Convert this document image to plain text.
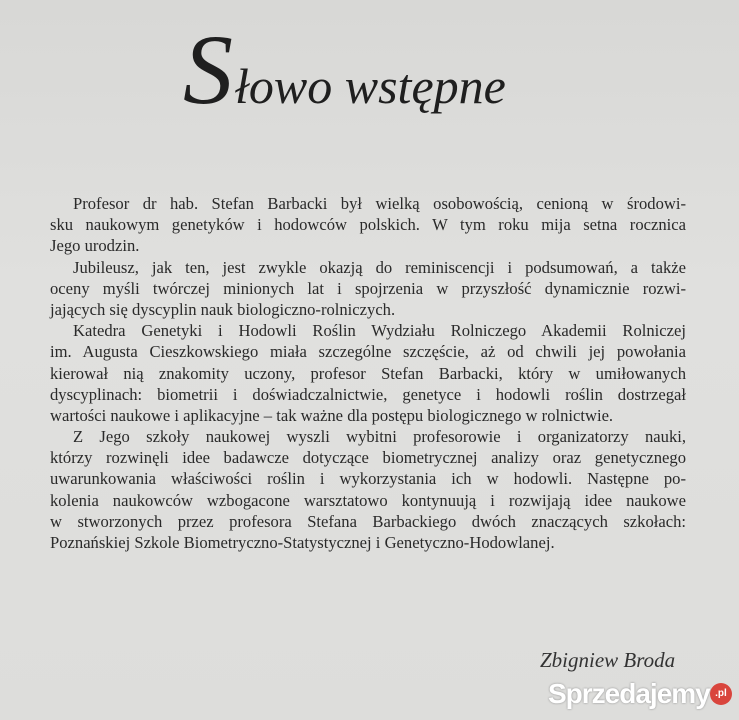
Słowo wstępne
Profesor dr hab. Stefan Barbacki był wielką osobowością, cenioną w środowi-
sku naukowym genetyków i hodowców polskich. W tym roku mija setna rocznica
Jego urodzin.
Jubileusz, jak ten, jest zwykle okazją do reminiscencji i podsumowań, a także
oceny myśli twórczej minionych lat i spojrzenia w przyszłość dynamicznie rozwi-
jających się dyscyplin nauk biologiczno-rolniczych.
Katedra Genetyki i Hodowli Roślin Wydziału Rolniczego Akademii Rolniczej
im. Augusta Cieszkowskiego miała szczególne szczęście, aż od chwili jej powołania
kierował nią znakomity uczony, profesor Stefan Barbacki, który w umiłowanych
dyscyplinach: biometrii i doświadczalnictwie, genetyce i hodowli roślin dostrzegał
wartości naukowe i aplikacyjne – tak ważne dla postępu biologicznego w rolnictwie.
Z Jego szkoły naukowej wyszli wybitni profesorowie i organizatorzy nauki,
którzy rozwinęli idee badawcze dotyczące biometrycznej analizy oraz genetycznego
uwarunkowania właściwości roślin i wykorzystania ich w hodowli. Następne po-
kolenia naukowców wzbogacone warsztatowo kontynuują i rozwijają idee naukowe
w stworzonych przez profesora Stefana Barbackiego dwóch znaczących szkołach:
Poznańskiej Szkole Biometryczno-Statystycznej i Genetyczno-Hodowlanej.
Zbigniew Broda
Sprzedajemy .pl
